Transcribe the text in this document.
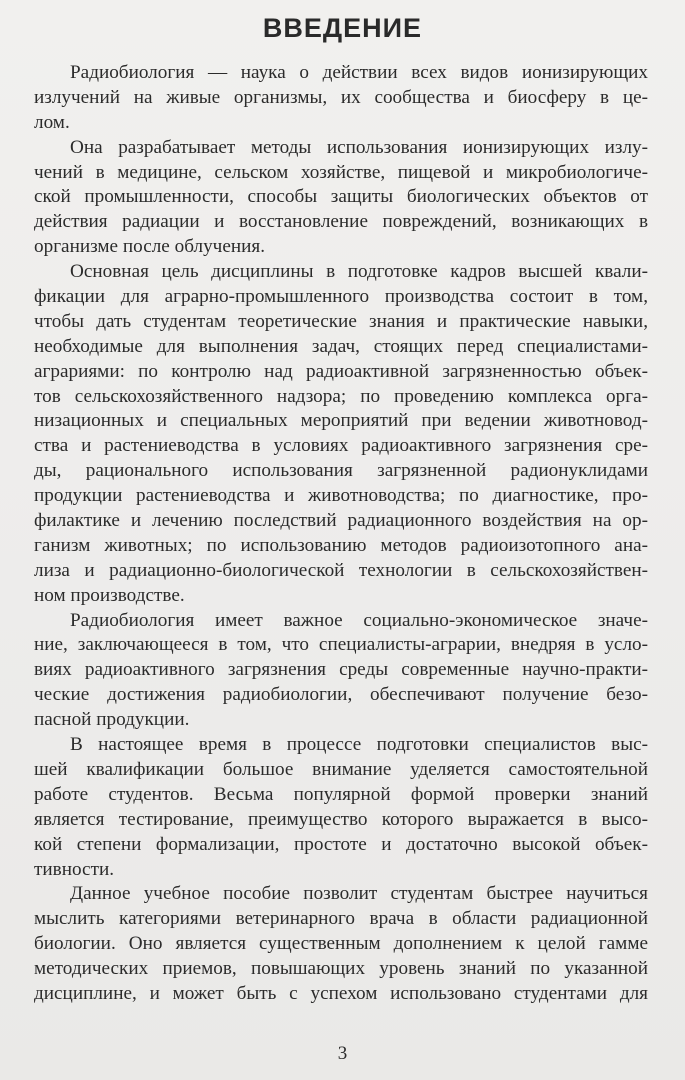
ВВЕДЕНИЕ
Радиобиология — наука о действии всех видов ионизирующих
излучений на живые организмы, их сообщества и биосферу в це-
лом.
Она разрабатывает методы использования ионизирующих излу-
чений в медицине, сельском хозяйстве, пищевой и микробиологиче-
ской промышленности, способы защиты биологических объектов от
действия радиации и восстановление повреждений, возникающих в
организме после облучения.
Основная цель дисциплины в подготовке кадров высшей квали-
фикации для аграрно-промышленного производства состоит в том,
чтобы дать студентам теоретические знания и практические навыки,
необходимые для выполнения задач, стоящих перед специалистами-
аграриями: по контролю над радиоактивной загрязненностью объек-
тов сельскохозяйственного надзора; по проведению комплекса орга-
низационных и специальных мероприятий при ведении животновод-
ства и растениеводства в условиях радиоактивного загрязнения сре-
ды, рационального использования загрязненной радионуклидами
продукции растениеводства и животноводства; по диагностике, про-
филактике и лечению последствий радиационного воздействия на ор-
ганизм животных; по использованию методов радиоизотопного ана-
лиза и радиационно-биологической технологии в сельскохозяйствен-
ном производстве.
Радиобиология имеет важное социально-экономическое значе-
ние, заключающееся в том, что специалисты-аграрии, внедряя в усло-
виях радиоактивного загрязнения среды современные научно-практи-
ческие достижения радиобиологии, обеспечивают получение безо-
пасной продукции.
В настоящее время в процессе подготовки специалистов выс-
шей квалификации большое внимание уделяется самостоятельной
работе студентов. Весьма популярной формой проверки знаний
является тестирование, преимущество которого выражается в высо-
кой степени формализации, простоте и достаточно высокой объек-
тивности.
Данное учебное пособие позволит студентам быстрее научиться
мыслить категориями ветеринарного врача в области радиационной
биологии. Оно является существенным дополнением к целой гамме
методических приемов, повышающих уровень знаний по указанной
дисциплине, и может быть с успехом использовано студентами для
3
